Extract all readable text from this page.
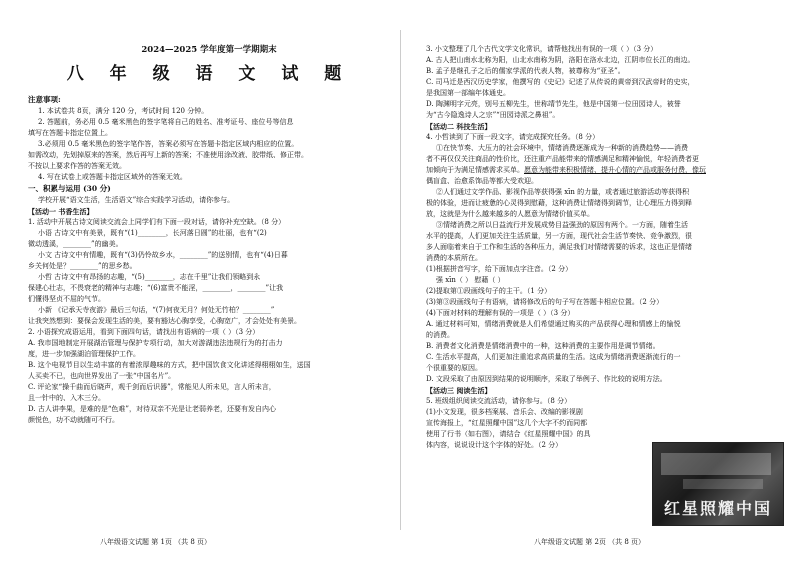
2024—2025 学年度第一学期期末
八 年 级 语 文 试 题
注意事项:
1. 本试卷共 8页，满分 120 分，考试时间 120 分钟。
2. 答题前，务必用 0.5 毫米黑色的签字笔将自己的姓名、准考证号、座位号等信息
填写在答题卡指定位置上。
3.必须用 0.5 毫米黑色的签字笔作答，答案必须写在答题卡指定区域内相应的位置。
如需改动，先划掉原来的答案，然后再写上新的答案；不准使用涂改液、胶带纸、修正带。
不按以上要求作答的答案无效。
4. 写在试卷上或答题卡指定区域外的答案无效。
一、积累与运用 (30 分)
学校开展“语文生活，生活语文”综合实践学习活动，请你参与。
【活动一 书香生活】
1. 活动中开展古诗文阅读交流会上同学们有下面一段对话，请你补充空缺。（8 分）
小语 古诗文中有美景，既有“(1)________，长河落日圆”的壮丽，也有“(2)
微动透溪，________”的幽美。
小文 古诗文中有情趣，既有“(3)仍怜故乡水，________”的送别情，也有“(4)日暮
乡关何处是？________”的思乡愁。
小哲 古诗文中有昂扬的志趣，“(5)________，志在千里”让我们领略到永
保建心壮志，不畏衰老的精神与志趣；“(6)富贵不能淫，________，________”让我
们懂得坚贞不屈的气节。
小新 《记承天寺夜游》最后三句话，“(7)何夜无月？何处无竹柏？________”
让我突然想到：要保会发现生活的美，要有豁达心胸享受，心胸宽广，才会处处有美景。
2. 小语探究成语运用，看到下面四句话，请找出有语病的一项（ ）（3 分）
A. 我市国地制定开展湖治管理与保护专项行动，加大对游湖违法违规行为的打击力
度，进一步加强湖泊管理保护工作。
B. 这个电视节目以生动丰富的有着浓厚趣味的方式，把中国饮食文化讲述得栩栩如生，送国
人买卖不已，也向世界发出了一张“中国名片”。
C. 评论家“操千曲而后晓声，观千剑而后识器”，常能见人所未见，言人所未言，
且一针中的、入木三分。
D. 古人讲李果，是难的是“色难”，对待双亲不光是让老弱养老，还要有发自内心
颜悦色，功不动就随可不行。
八年级语文试题 第 1页 （共 8 页）
3. 小文整理了几个古代文学文化常识，请帮他找出有误的一项（ ）（3 分）
A. 古人把山南水北称为阳，山北水南称为阴，洛阳在洛水北边，江阴市位长江的南边。
B. 孟子是继孔子之后的儒家学派的代表人物，被尊称为“亚圣”。
C. 司马迁是西汉历史学家，他撰写的《史记》记述了从传说的黄帝到汉武帝时的史实，
是我国第一部编年体通史。
D. 陶渊明字元亮，别号五柳先生，世称靖节先生，他是中国第一位田园诗人，被誉
为“古今隐逸诗人之宗”“田园诗派之鼻祖”。
【活动二 科技生活】
4. 小哲读到了下面一段文字，请完成探究任务。（8 分）
①在快节奏、大压力的社会环境中，情绪消费逐渐成为一种新的消费趋势——消费
者不再仅仅关注商品的性价比，还注重产品能带来的情感满足和精神愉悦，年轻消费者更
加倾向于为满足情感需求买单。愿意为能带来积极情绪、提升心情的产品或服务付费，像玩
偶盲盒、治愈系饰品等都大受欢迎。
②人们通过文学作品、影视作品等获得强 xīn 的力量，或者通过旅游活动等获得积
极的体验，进而让疲惫的心灵得到慰藉，这种消费让情绪得到调节，让心理压力得到释
放，这就是为什么越来越多的人愿意为情绪价值买单。
③情绪消费之所以日益流行并发展成势目益强劲的原因有两个。一方面，随着生活
水平的提高，人们更加关注生活质量，另一方面，现代社会生活节奏快、竞争激烈，很
多人面临着来自于工作和生活的各种压力，满足我们对情绪需要的诉求，这也正是情绪
消费的本质所在。
(1)根据拼音写字，给下面加点字注音。（2 分）
强 xīn（ ） 慰藉（ ）
(2)提取第①段画线句子的主干。（1 分）
(3)第③段画线句子有语病，请将修改后的句子写在答题卡相应位置。（2 分）
(4)下面对材料的理解有误的一项是（ ）（3 分）
A. 通过材料可知，情绪消费就是人们希望通过购买的产品获得心理和情感上的愉悦
的消费。
B. 消费者文化消费是情绪消费中的一种，这种消费的主要作用是调节情绪。
C. 生活水平提高，人们更加注重追求高质量的生活。这成为情绪消费逐渐流行的一
个很重要的原因。
D. 文段采取了由原因到结果的说明顺序，采取了举例子、作比较的说明方法。
【活动三 阅读生活】
5. 班级组织阅读交流活动，请你参与。（8 分）
(1)小文发现，很多档案展、音乐会、改编的影视剧
宣传海报上，“红星照耀中国”这几个大字不约而同都
使用了行书（如右图），请结合《红星照耀中国》的具
体内容，说说设计这个字体的好处。（2 分）
红星照耀中国
八年级语文试题 第 2页 （共 8 页）
